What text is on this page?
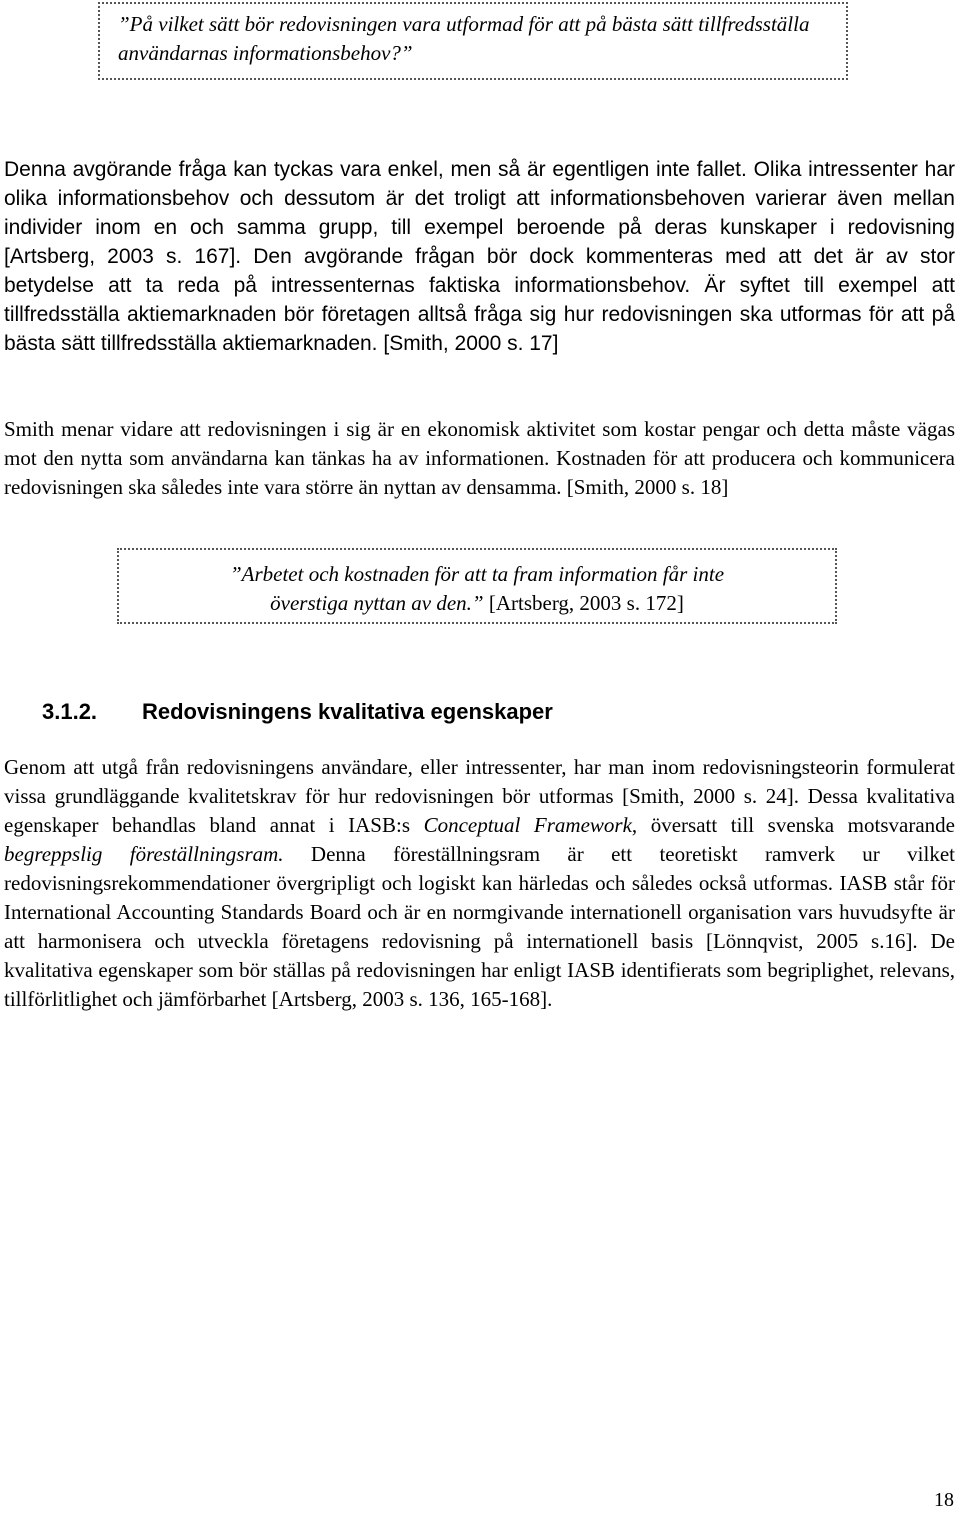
”På vilket sätt bör redovisningen vara utformad för att på bästa sätt tillfredsställa användarnas informationsbehov?”

Denna avgörande fråga kan tyckas vara enkel, men så är egentligen inte fallet. Olika intressenter har olika informationsbehov och dessutom är det troligt att informationsbehoven varierar även mellan individer inom en och samma grupp, till exempel beroende på deras kunskaper i redovisning [Artsberg, 2003 s. 167]. Den avgörande frågan bör dock kommenteras med att det är av stor betydelse att ta reda på intressenternas faktiska informationsbehov. Är syftet till exempel att tillfredsställa aktiemarknaden bör företagen alltså fråga sig hur redovisningen ska utformas för att på bästa sätt tillfredsställa aktiemarknaden. [Smith, 2000 s. 17]

Smith menar vidare att redovisningen i sig är en ekonomisk aktivitet som kostar pengar och detta måste vägas mot den nytta som användarna kan tänkas ha av informationen. Kostnaden för att producera och kommunicera redovisningen ska således inte vara större än nyttan av densamma. [Smith, 2000 s. 18]

”Arbetet och kostnaden för att ta fram information får inte
överstiga nyttan av den.” [Artsberg, 2003 s. 172]

3.1.2. Redovisningens kvalitativa egenskaper

Genom att utgå från redovisningens användare, eller intressenter, har man inom redovisningsteorin formulerat vissa grundläggande kvalitetskrav för hur redovisningen bör utformas [Smith, 2000 s. 24]. Dessa kvalitativa egenskaper behandlas bland annat i IASB:s Conceptual Framework, översatt till svenska motsvarande begreppslig föreställningsram. Denna föreställningsram är ett teoretiskt ramverk ur vilket redovisningsrekommendationer övergripligt och logiskt kan härledas och således också utformas. IASB står för International Accounting Standards Board och är en normgivande internationell organisation vars huvudsyfte är att harmonisera och utveckla företagens redovisning på internationell basis [Lönnqvist, 2005 s.16]. De kvalitativa egenskaper som bör ställas på redovisningen har enligt IASB identifierats som begriplighet, relevans, tillförlitlighet och jämförbarhet [Artsberg, 2003 s. 136, 165-168].

18
